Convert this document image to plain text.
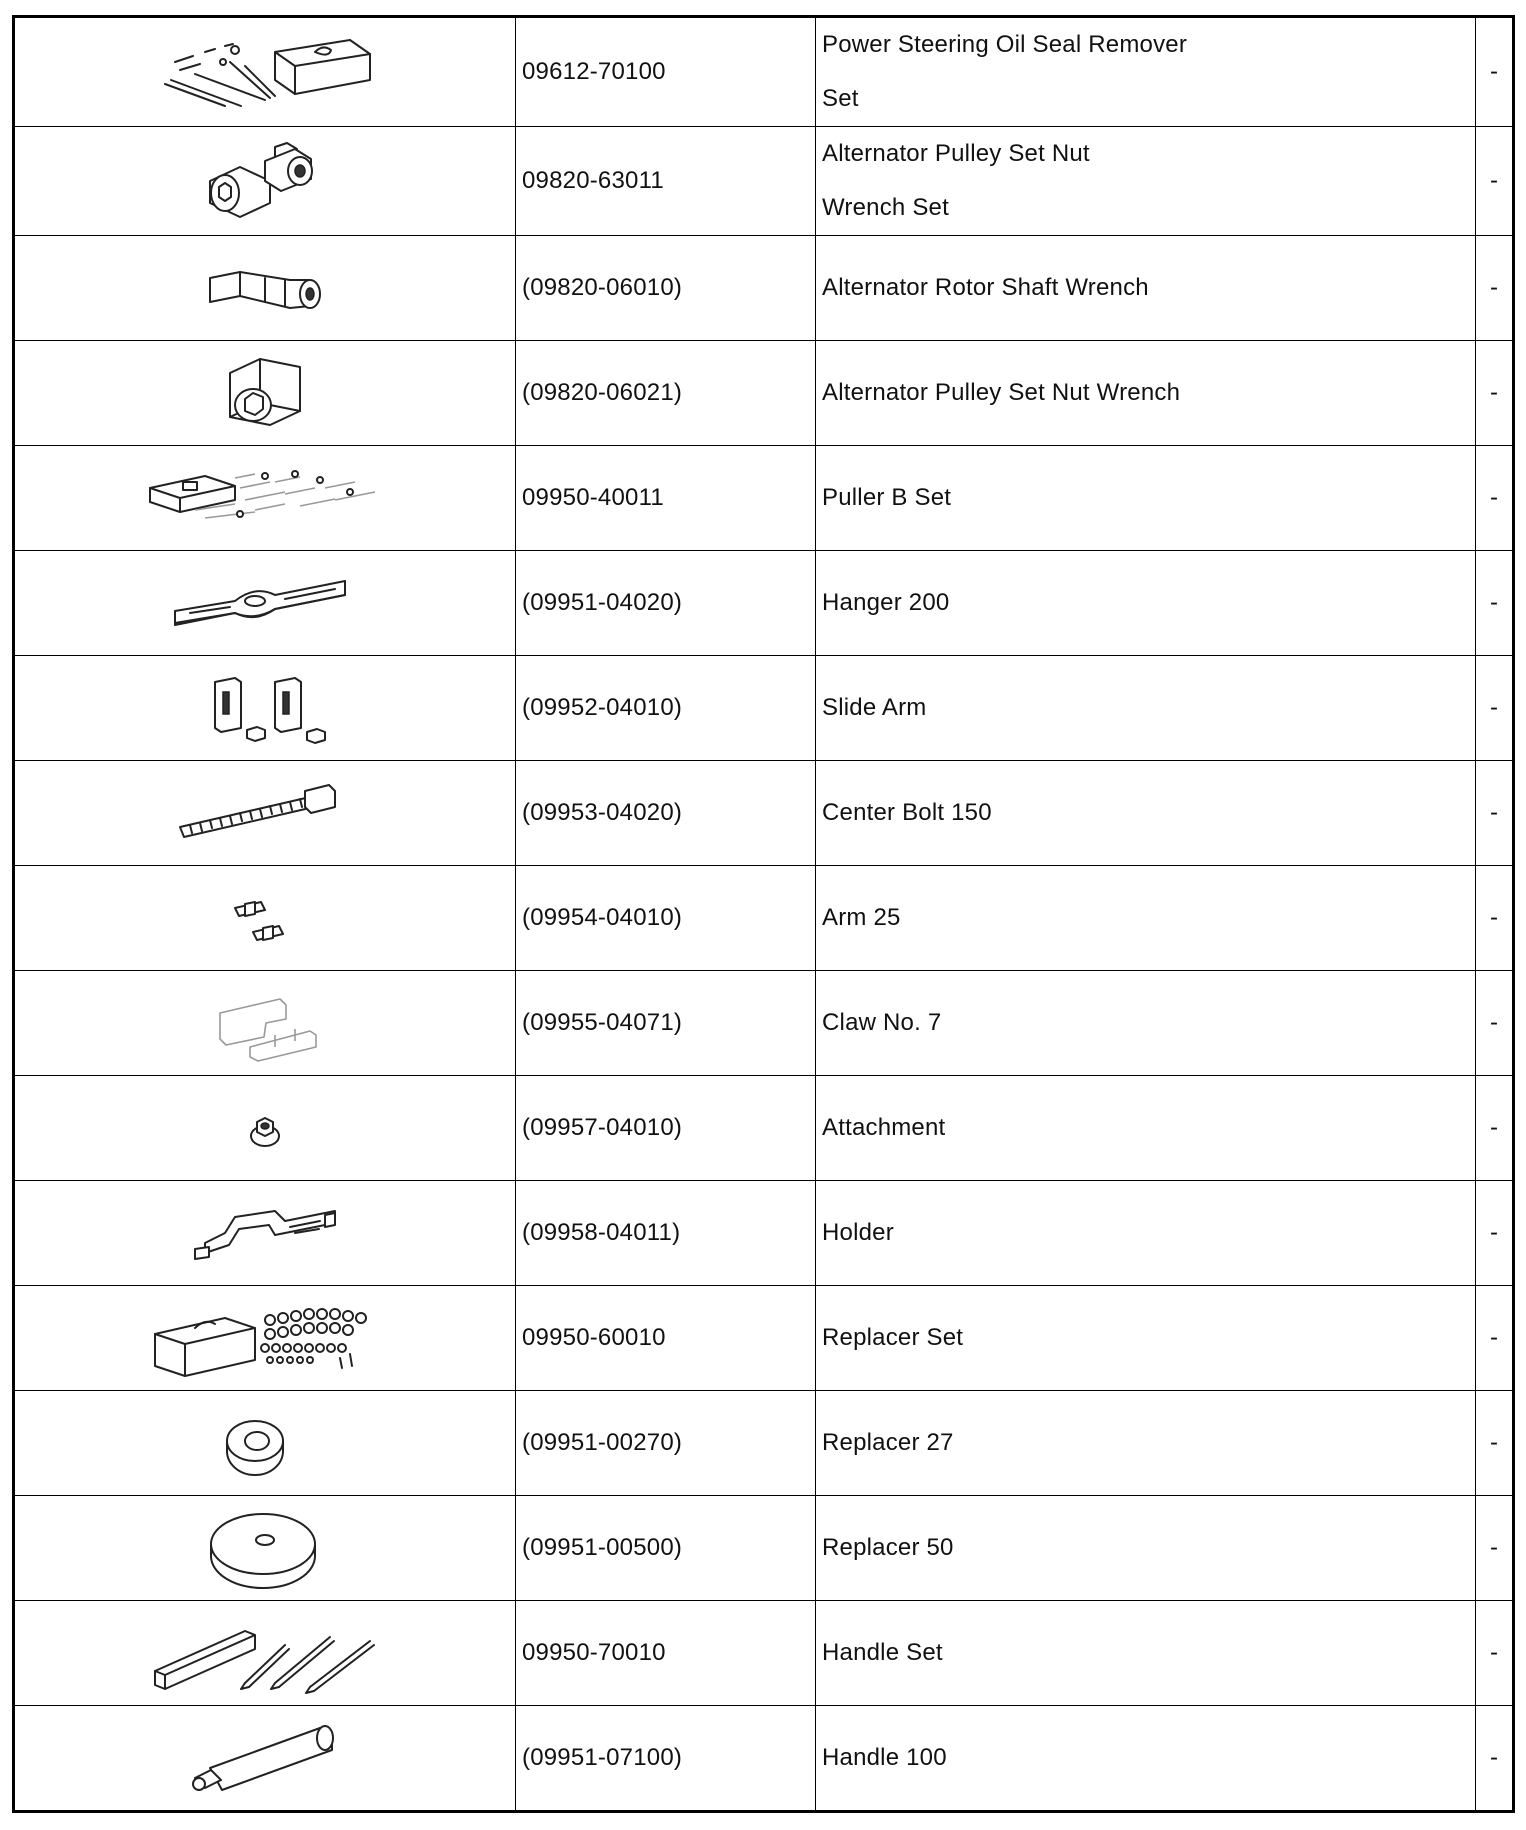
	09612-70100	Power Steering Oil Seal Remover
Set	-

	09820-63011	Alternator Pulley Set Nut
Wrench Set	-

	(09820-06010)	Alternator Rotor Shaft Wrench	-

	(09820-06021)	Alternator Pulley Set Nut Wrench	-

	09950-40011	Puller B Set	-

	(09951-04020)	Hanger 200	-

	(09952-04010)	Slide Arm	-

	(09953-04020)	Center Bolt 150	-

	(09954-04010)	Arm 25	-

	(09955-04071)	Claw No. 7	-

	(09957-04010)	Attachment	-

	(09958-04011)	Holder	-

	09950-60010	Replacer Set	-

	(09951-00270)	Replacer 27	-

	(09951-00500)	Replacer 50	-

	09950-70010	Handle Set	-

	(09951-07100)	Handle 100	-
